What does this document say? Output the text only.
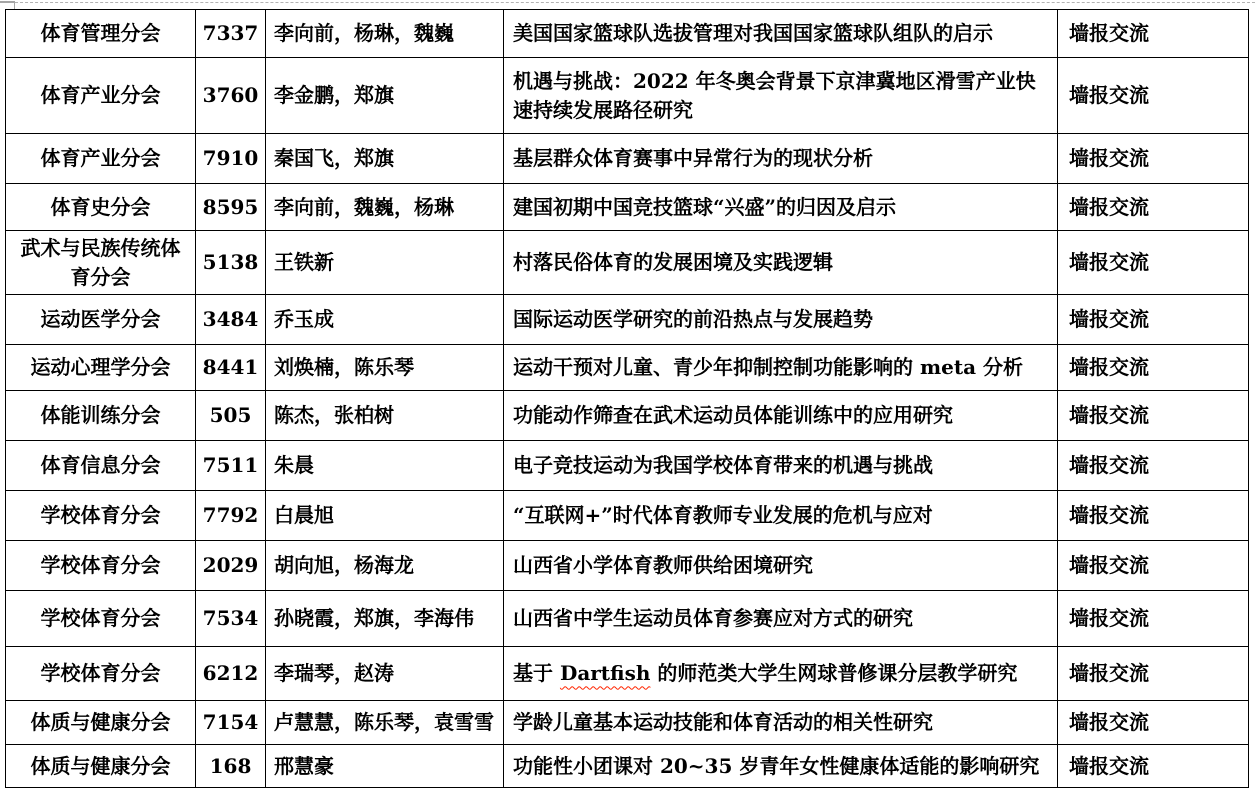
体育管理分会	7337	李向前，杨琳，魏巍	美国国家篮球队选拔管理对我国国家篮球队组队的启示	墙报交流
体育产业分会	3760	李金鹏，郑旗	机遇与挑战：2022 年冬奥会背景下京津冀地区滑雪产业快速持续发展路径研究	墙报交流
体育产业分会	7910	秦国飞，郑旗	基层群众体育赛事中异常行为的现状分析	墙报交流
体育史分会	8595	李向前，魏巍，杨琳	建国初期中国竞技篮球“兴盛”的归因及启示	墙报交流
武术与民族传统体育分会	5138	王铁新	村落民俗体育的发展困境及实践逻辑	墙报交流
运动医学分会	3484	乔玉成	国际运动医学研究的前沿热点与发展趋势	墙报交流
运动心理学分会	8441	刘焕楠，陈乐琴	运动干预对儿童、青少年抑制控制功能影响的 meta 分析	墙报交流
体能训练分会	505	陈杰，张柏树	功能动作筛查在武术运动员体能训练中的应用研究	墙报交流
体育信息分会	7511	朱晨	电子竞技运动为我国学校体育带来的机遇与挑战	墙报交流
学校体育分会	7792	白晨旭	“互联网+”时代体育教师专业发展的危机与应对	墙报交流
学校体育分会	2029	胡向旭，杨海龙	山西省小学体育教师供给困境研究	墙报交流
学校体育分会	7534	孙晓霞，郑旗，李海伟	山西省中学生运动员体育参赛应对方式的研究	墙报交流
学校体育分会	6212	李瑞琴，赵涛	基于 Dartfish 的师范类大学生网球普修课分层教学研究	墙报交流
体质与健康分会	7154	卢慧慧，陈乐琴，袁雪雪	学龄儿童基本运动技能和体育活动的相关性研究	墙报交流
体质与健康分会	168	邢慧豪	功能性小团课对 20~35 岁青年女性健康体适能的影响研究	墙报交流
